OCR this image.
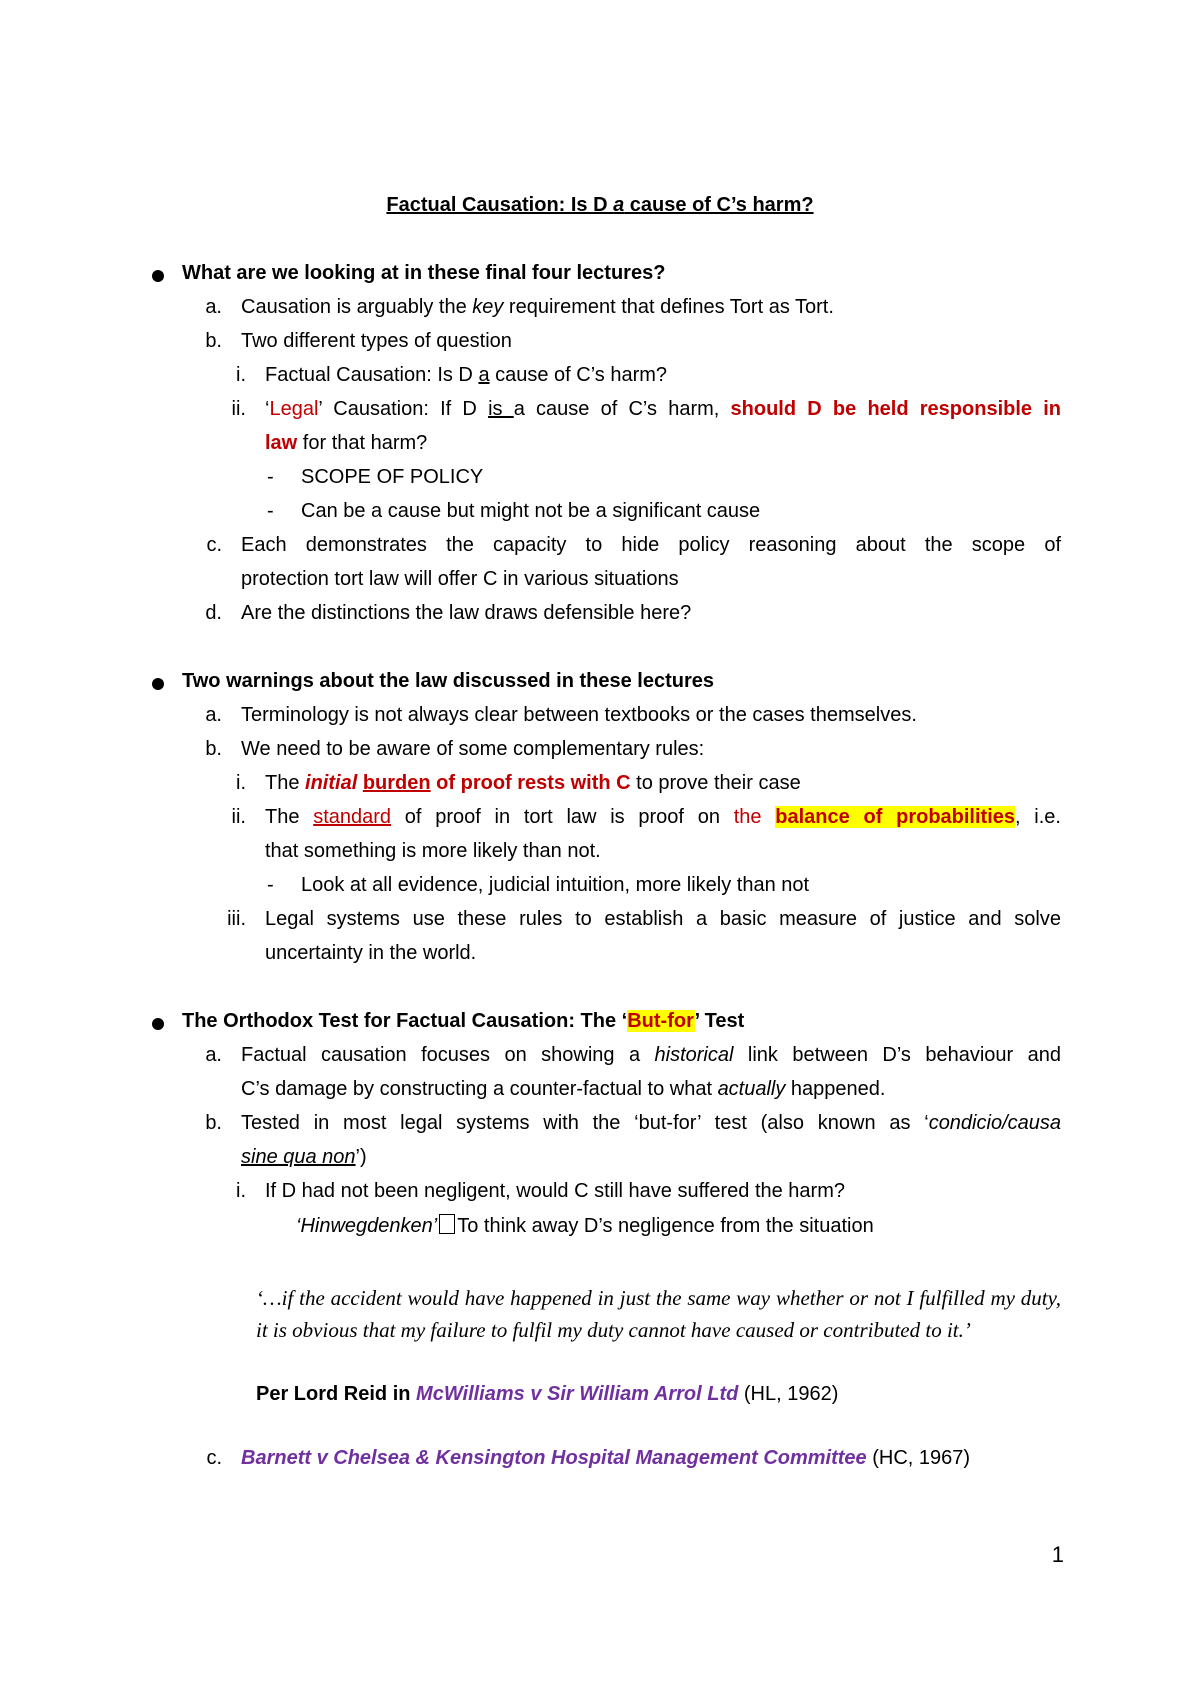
Factual Causation: Is D a cause of C’s harm?
What are we looking at in these final four lectures?
a. Causation is arguably the key requirement that defines Tort as Tort.
b. Two different types of question
i. Factual Causation: Is D a cause of C’s harm?
ii. ‘Legal’ Causation: If D is a cause of C’s harm, should D be held responsible in
law for that harm?
- SCOPE OF POLICY
- Can be a cause but might not be a significant cause
c. Each demonstrates the capacity to hide policy reasoning about the scope of
protection tort law will offer C in various situations
d. Are the distinctions the law draws defensible here?
Two warnings about the law discussed in these lectures
a. Terminology is not always clear between textbooks or the cases themselves.
b. We need to be aware of some complementary rules:
i. The initial burden of proof rests with C to prove their case
ii. The standard of proof in tort law is proof on the balance of probabilities, i.e.
that something is more likely than not.
- Look at all evidence, judicial intuition, more likely than not
iii. Legal systems use these rules to establish a basic measure of justice and solve
uncertainty in the world.
The Orthodox Test for Factual Causation: The ‘But-for’ Test
a. Factual causation focuses on showing a historical link between D’s behaviour and
C’s damage by constructing a counter-factual to what actually happened.
b. Tested in most legal systems with the ‘but-for’ test (also known as ‘condicio/causa
sine qua non’)
i. If D had not been negligent, would C still have suffered the harm?
‘Hinwegdenken’ To think away D’s negligence from the situation
‘…if the accident would have happened in just the same way whether or not I fulfilled my duty, it is obvious that my failure to fulfil my duty cannot have caused or contributed to it.’
Per Lord Reid in McWilliams v Sir William Arrol Ltd (HL, 1962)
c. Barnett v Chelsea & Kensington Hospital Management Committee (HC, 1967)
1
